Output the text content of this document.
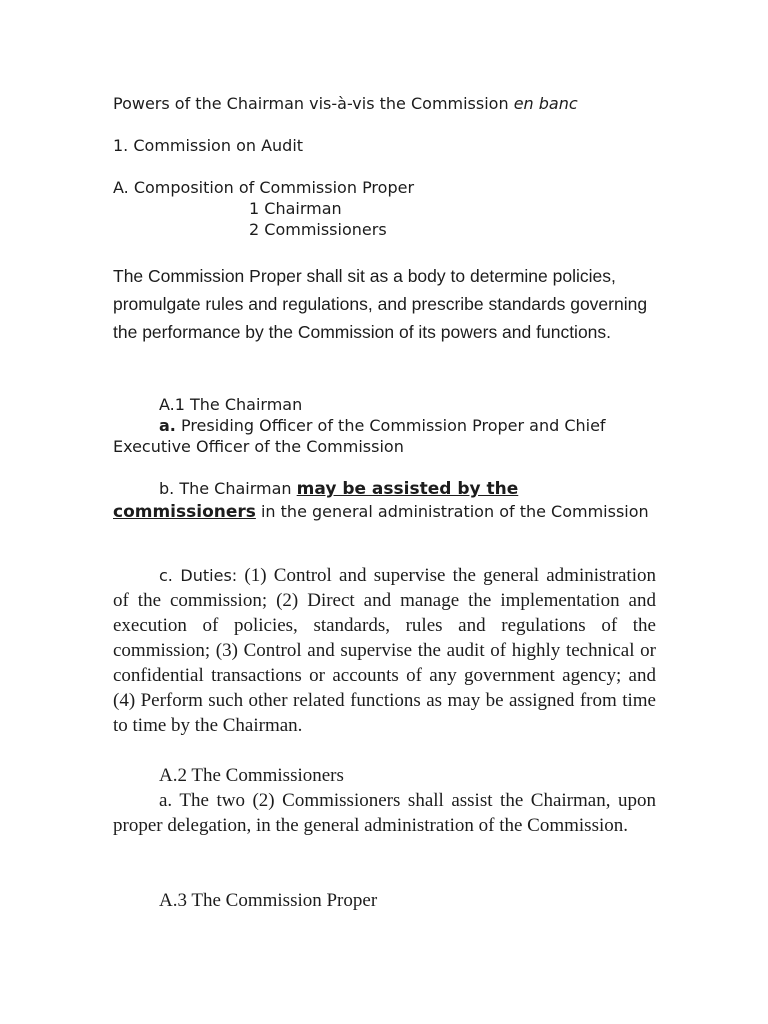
Powers of the Chairman vis-à-vis the Commission en banc

1. Commission on Audit

A. Composition of Commission Proper
1 Chairman
2 Commissioners

The Commission Proper shall sit as a body to determine policies, promulgate rules and regulations, and prescribe standards governing the performance by the Commission of its powers and functions.

A.1 The Chairman
a. Presiding Officer of the Commission Proper and Chief Executive Officer of the Commission

b. The Chairman may be assisted by the commissioners in the general administration of the Commission

c. Duties: (1) Control and supervise the general administration of the commission; (2) Direct and manage the implementation and execution of policies, standards, rules and regulations of the commission; (3) Control and supervise the audit of highly technical or confidential transactions or accounts of any government agency; and (4) Perform such other related functions as may be assigned from time to time by the Chairman.

A.2 The Commissioners
a. The two (2) Commissioners shall assist the Chairman, upon proper delegation, in the general administration of the Commission.

A.3 The Commission Proper
